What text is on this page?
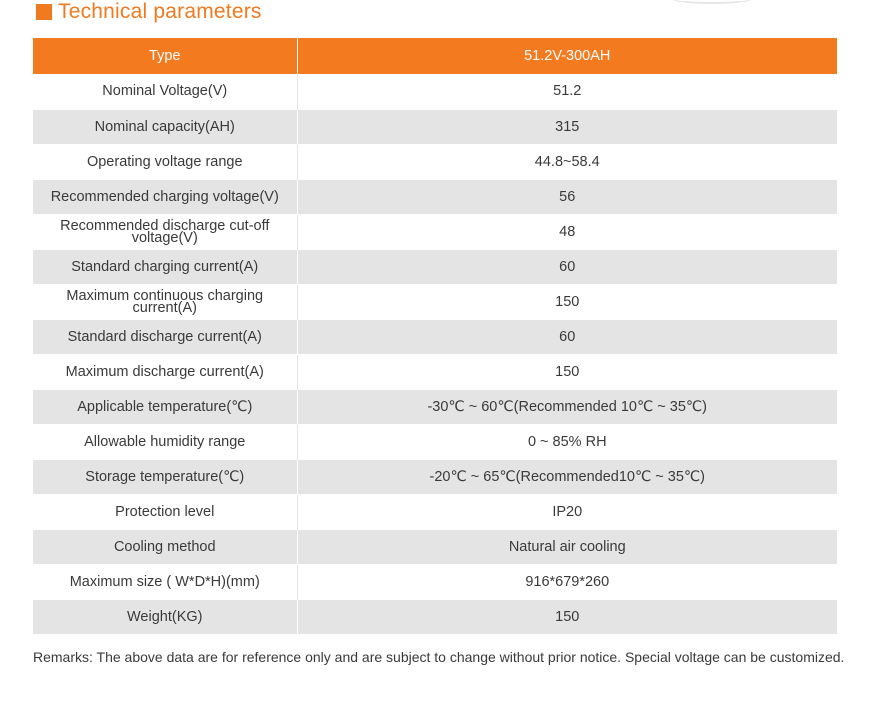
Technical parameters
Type	51.2V-300AH
Nominal Voltage(V)	51.2
Nominal capacity(AH)	315
Operating voltage range	44.8~58.4
Recommended charging voltage(V)	56
Recommended discharge cut-off voltage(V)	48
Standard charging current(A)	60
Maximum continuous charging current(A)	150
Standard discharge current(A)	60
Maximum discharge current(A)	150
Applicable temperature(℃)	-30℃ ~ 60℃(Recommended 10℃ ~ 35℃)
Allowable humidity range	0 ~ 85% RH
Storage temperature(℃)	-20℃ ~ 65℃(Recommended10℃ ~ 35℃)
Protection level	IP20
Cooling method	Natural air cooling
Maximum size ( W*D*H)(mm)	916*679*260
Weight(KG)	150
Remarks: The above data are for reference only and are subject to change without prior notice. Special voltage can be customized.
